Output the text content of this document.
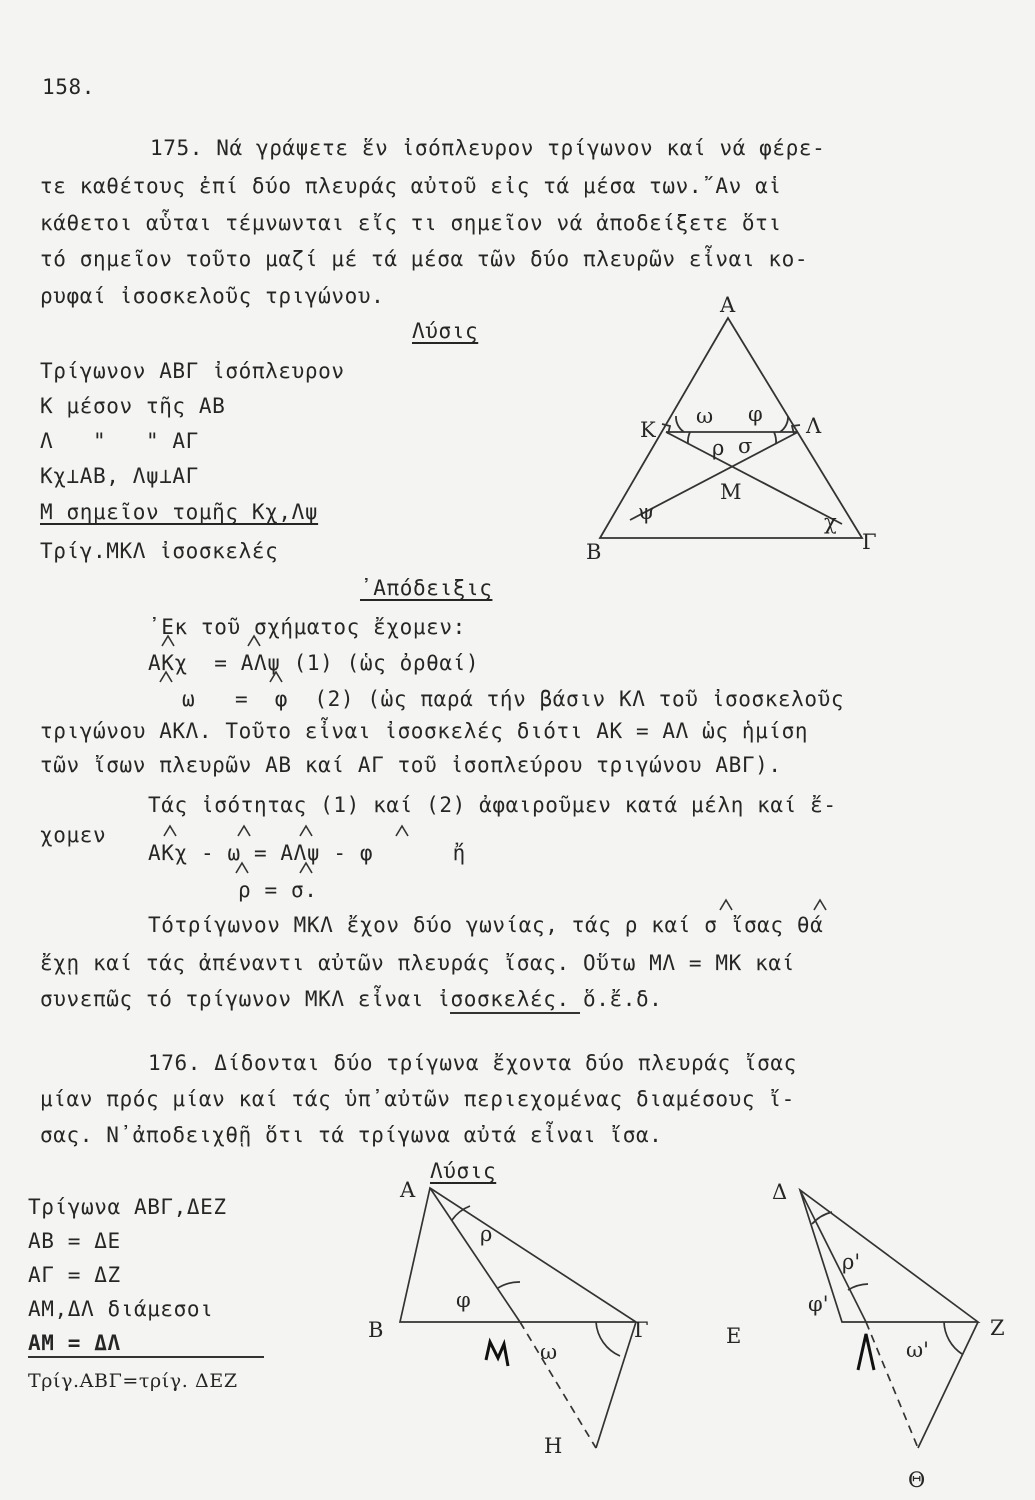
158.
175. Νά γράψετε ἕν ἰσόπλευρον τρίγωνον καί νά φέρε-
τε καθέτους ἐπί δύο πλευράς αὐτοῦ εἰς τά μέσα των.῎Αν αἱ
κάθετοι αὗται τέμνωνται εἴς τι σημεῖον νά ἀποδείξετε ὅτι
τό σημεῖον τοῦτο μαζί μέ τά μέσα τῶν δύο πλευρῶν εἶναι κο-
ρυφαί ἰσοσκελοῦς τριγώνου.
Λύσις
Τρίγωνον ΑΒΓ ἰσόπλευρον
Κ μέσον τῆς ΑΒ
Λ   "   " ΑΓ
Κχ⊥ΑΒ, Λψ⊥ΑΓ
Μ σημεῖον τομῆς Κχ,Λψ
Τρίγ.ΜΚΛ ἰσοσκελές
᾿Απόδειξις
᾿Εκ τοῦ σχήματος ἔχομεν:
ΑΚχ  = ΑΛψ (1) (ὡς ὀρθαί)
ω   =  φ  (2) (ὡς παρά τήν βάσιν ΚΛ τοῦ ἰσοσκελοῦς
τριγώνου ΑΚΛ. Τοῦτο εἶναι ἰσοσκελές διότι ΑΚ = ΑΛ ὡς ἡμίση
τῶν ἴσων πλευρῶν ΑΒ καί ΑΓ τοῦ ἰσοπλεύρου τριγώνου ΑΒΓ).
Τάς ἰσότητας (1) καί (2) ἀφαιροῦμεν κατά μέλη καί ἔ-
χομεν
ΑΚχ - ω = ΑΛψ - φ      ἤ
ρ = σ.
Τότρίγωνον ΜΚΛ ἔχον δύο γωνίας, τάς ρ καί σ ἴσας θά
ἔχῃ καί τάς ἀπέναντι αὐτῶν πλευράς ἴσας. Οὕτω ΜΛ = ΜΚ καί
συνεπῶς τό τρίγωνον ΜΚΛ εἶναι ἰσοσκελές. ὅ.ἔ.δ.
Α
Κ	Λ
ω φ
ρ σ
Μ
ψ	χ
Β	Γ
176. Δίδονται δύο τρίγωνα ἔχοντα δύο πλευράς ἴσας
μίαν πρός μίαν καί τάς ὑπ᾿αὐτῶν περιεχομένας διαμέσους ἴ-
σας. Ν᾿ἀποδειχθῇ ὅτι τά τρίγωνα αὐτά εἶναι ἴσα.
Λύσις
Τρίγωνα ΑΒΓ,ΔΕΖ
ΑΒ = ΔΕ
ΑΓ = ΔΖ
ΑΜ,ΔΛ διάμεσοι
ΑΜ = ΔΛ
Τρίγ.ΑΒΓ=τρίγ. ΔΕΖ
Α
ρ
φ
Β	Γ
ω
Η
Δ
ρ'
φ'
Ε	Ζ
ω'
Θ
